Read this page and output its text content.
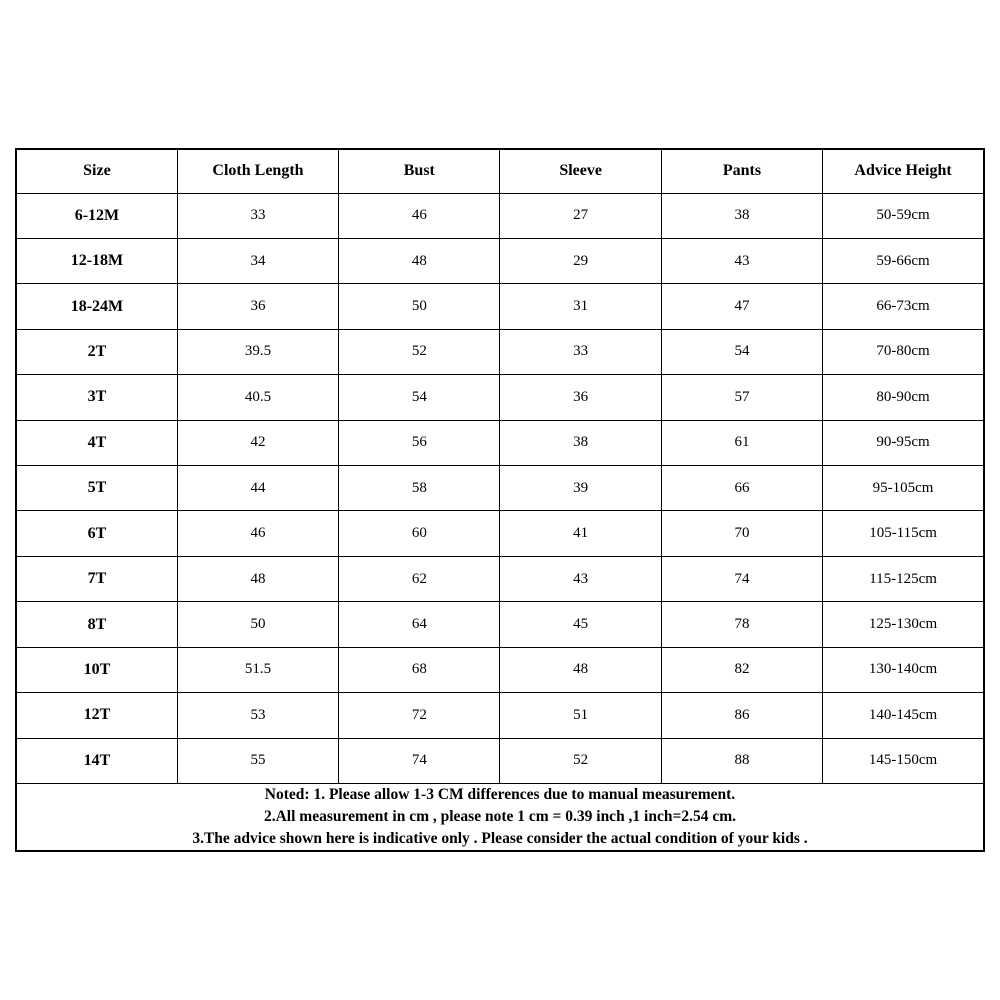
Size	Cloth Length	Bust	Sleeve	Pants	Advice Height
6-12M	33	46	27	38	50-59cm
12-18M	34	48	29	43	59-66cm
18-24M	36	50	31	47	66-73cm
2T	39.5	52	33	54	70-80cm
3T	40.5	54	36	57	80-90cm
4T	42	56	38	61	90-95cm
5T	44	58	39	66	95-105cm
6T	46	60	41	70	105-115cm
7T	48	62	43	74	115-125cm
8T	50	64	45	78	125-130cm
10T	51.5	68	48	82	130-140cm
12T	53	72	51	86	140-145cm
14T	55	74	52	88	145-150cm

Noted: 1. Please allow 1-3 CM differences due to manual measurement.
2.All measurement in cm , please note 1 cm = 0.39 inch ,1 inch=2.54 cm.
3.The advice shown here is indicative only . Please consider the actual condition of your kids .					
